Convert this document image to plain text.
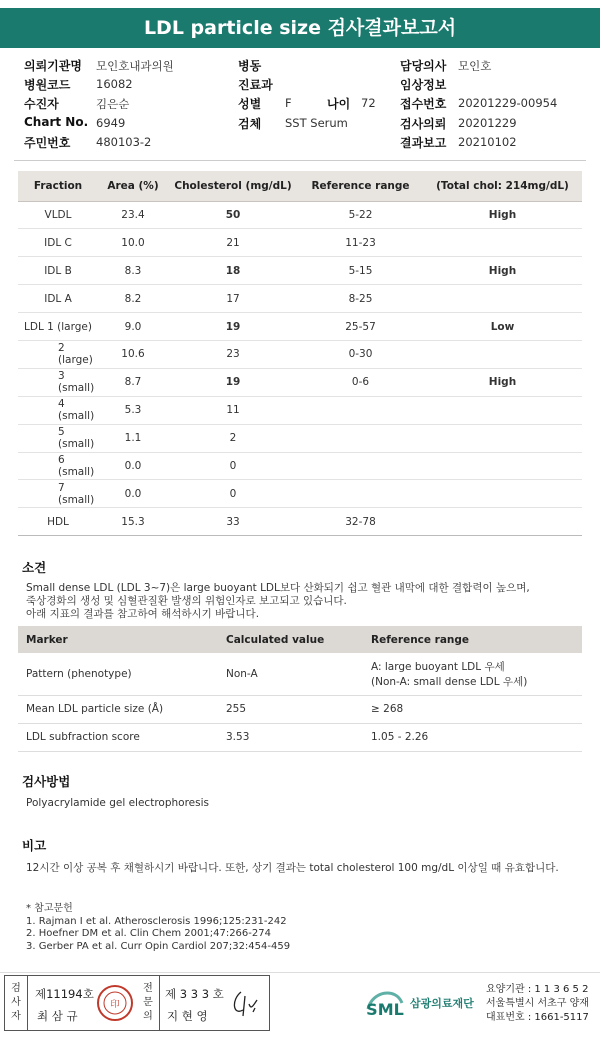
LDL particle size 검사결과보고서
의뢰기관명 모인호내과의원
병원코드 16082
수진자	김은순
Chart No. 6949
주민번호 480103-2
병동
진료과
성별 F	나이 72
검체 SST Serum
담당의사 모인호
임상정보
접수번호 20201229-00954
검사의뢰 20201229
결과보고 20210102
Fraction	Area (%)	Cholesterol (mg/dL)	Reference range	(Total chol: 214mg/dL)
VLDL	23.4	50	5-22	High
IDL C	10.0	21	11-23	
IDL B	8.3	18	5-15	High
IDL A	8.2	17	8-25	
LDL 1 (large)	9.0	19	25-57	Low
2 (large)	10.6	23	0-30	
3 (small)	8.7	19	0-6	High
4 (small)	5.3	11		
5 (small)	1.1	2		
6 (small)	0.0	0		
7 (small)	0.0	0		
HDL	15.3	33	32-78	
소견
Small dense LDL (LDL 3~7)은 large buoyant LDL보다 산화되기 쉽고 혈관 내막에 대한 결합력이 높으며,
죽상경화의 생성 및 심혈관질환 발생의 위험인자로 보고되고 있습니다.
아래 지표의 결과를 참고하여 해석하시기 바랍니다.
Marker	Calculated value	Reference range
Pattern (phenotype)	Non-A	A: large buoyant LDL 우세
(Non-A: small dense LDL 우세)

Mean LDL particle size (Å)	255	≥ 268
LDL subfraction score	3.53	1.05 - 2.26
검사방법
Polyacrylamide gel electrophoresis
비고
12시간 이상 공복 후 채혈하시기 바랍니다. 또한, 상기 결과는 total cholesterol 100 mg/dL 이상일 때 유효합니다.
* 참고문헌
1. Rajman I et al. Atherosclerosis 1996;125:231-242
2. Hoefner DM et al. Clin Chem 2001;47:266-274
3. Gerber PA et al. Curr Opin Cardiol 207;32:454-459
검
사
자
제11194호
최 삼 규
印
전
문
의
제 3 3 3 호
지 현 영	SML 삼광의료재단
요양기관 : 1 1 3 6 5 2
서울특별시 서초구 양재
대표번호 : 1661-5117
